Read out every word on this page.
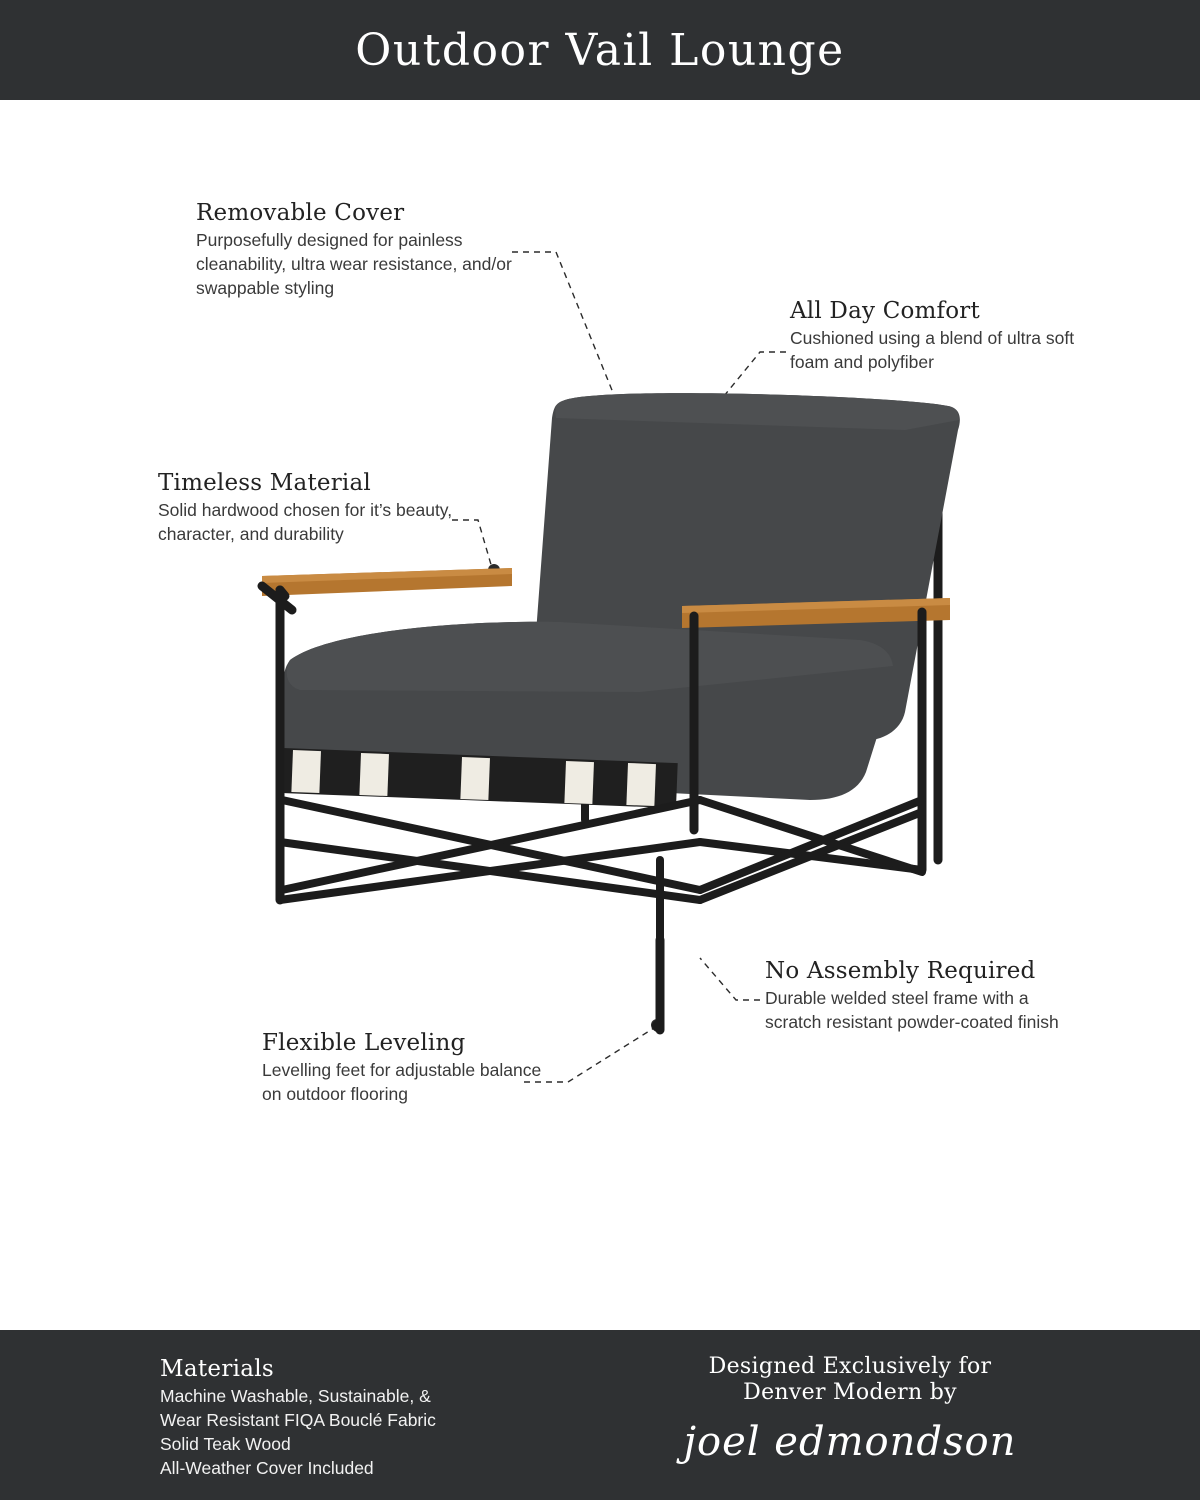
Outdoor Vail Lounge
Removable Cover
Purposefully designed for painless cleanability, ultra wear resistance, and/or swappable styling
All Day Comfort
Cushioned using a blend of ultra soft foam and polyfiber
Timeless Material
Solid hardwood chosen for it’s beauty, character, and durability
No Assembly Required
Durable welded steel frame with a scratch resistant powder-coated finish
Flexible Leveling
Levelling feet for adjustable balance on outdoor flooring
Materials
Machine Washable, Sustainable, &
Wear Resistant FIQA Bouclé Fabric
Solid Teak Wood
All-Weather Cover Included
Designed Exclusively for
Denver Modern by
joel edmondson
